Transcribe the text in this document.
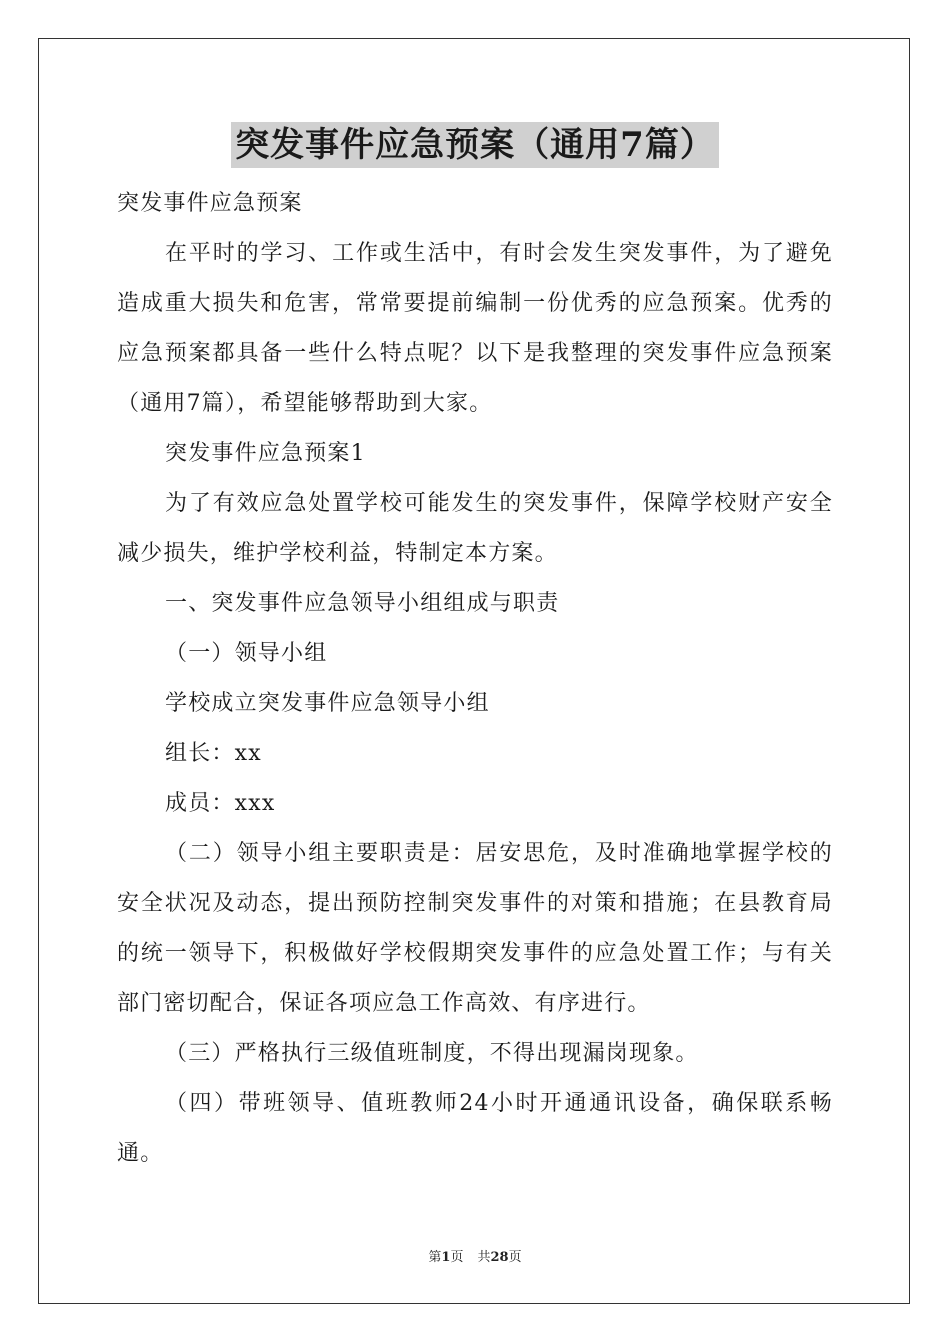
突发事件应急预案（通用7篇）

突发事件应急预案

在平时的学习、工作或生活中，有时会发生突发事件，为了避免造成重大损失和危害，常常要提前编制一份优秀的应急预案。优秀的应急预案都具备一些什么特点呢？以下是我整理的突发事件应急预案（通用7篇），希望能够帮助到大家。

突发事件应急预案1

为了有效应急处置学校可能发生的突发事件，保障学校财产安全减少损失，维护学校利益，特制定本方案。

一、突发事件应急领导小组组成与职责

（一）领导小组

学校成立突发事件应急领导小组

组长：xx

成员：xxx

（二）领导小组主要职责是：居安思危，及时准确地掌握学校的安全状况及动态，提出预防控制突发事件的对策和措施；在县教育局的统一领导下，积极做好学校假期突发事件的应急处置工作；与有关部门密切配合，保证各项应急工作高效、有序进行。

（三）严格执行三级值班制度，不得出现漏岗现象。

（四）带班领导、值班教师24小时开通通讯设备，确保联系畅通。

第1页 共28页
